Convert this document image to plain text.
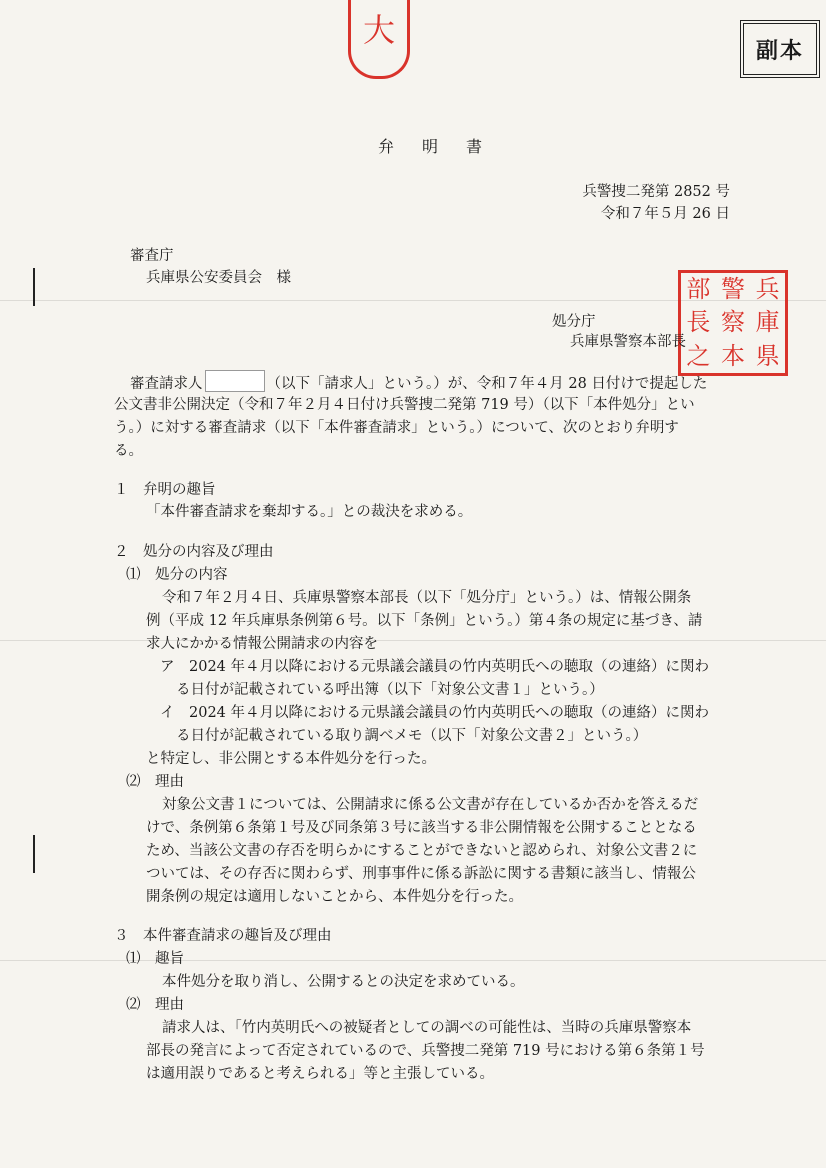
大
副本
兵
庫
県
警
察
本
部
長
之
弁明書
兵警捜二発第 2852 号
令和７年５月 26 日
審査庁
兵庫県公安委員会　様
処分庁
兵庫県警察本部長
審査請求人	（以下「請求人」という。）が、令和７年４月 28 日付けで提起した
公文書非公開決定（令和７年２月４日付け兵警捜二発第 719 号）（以下「本件処分」とい
う。）に対する審査請求（以下「本件審査請求」という。）について、次のとおり弁明す
る。
１　弁明の趣旨
「本件審査請求を棄却する。」との裁決を求める。
２　処分の内容及び理由
⑴　処分の内容
令和７年２月４日、兵庫県警察本部長（以下「処分庁」という。）は、情報公開条
例（平成 12 年兵庫県条例第６号。以下「条例」という。）第４条の規定に基づき、請
求人にかかる情報公開請求の内容を
ア　2024 年４月以降における元県議会議員の竹内英明氏への聴取（の連絡）に関わ
る日付が記載されている呼出簿（以下「対象公文書１」という。）
イ　2024 年４月以降における元県議会議員の竹内英明氏への聴取（の連絡）に関わ
る日付が記載されている取り調べメモ（以下「対象公文書２」という。）
と特定し、非公開とする本件処分を行った。
⑵　理由
対象公文書１については、公開請求に係る公文書が存在しているか否かを答えるだ
けで、条例第６条第１号及び同条第３号に該当する非公開情報を公開することとなる
ため、当該公文書の存否を明らかにすることができないと認められ、対象公文書２に
ついては、その存否に関わらず、刑事事件に係る訴訟に関する書類に該当し、情報公
開条例の規定は適用しないことから、本件処分を行った。
３　本件審査請求の趣旨及び理由
⑴　趣旨
本件処分を取り消し、公開するとの決定を求めている。
⑵　理由
請求人は、「竹内英明氏への被疑者としての調べの可能性は、当時の兵庫県警察本
部長の発言によって否定されているので、兵警捜二発第 719 号における第６条第１号
は適用誤りであると考えられる」等と主張している。
